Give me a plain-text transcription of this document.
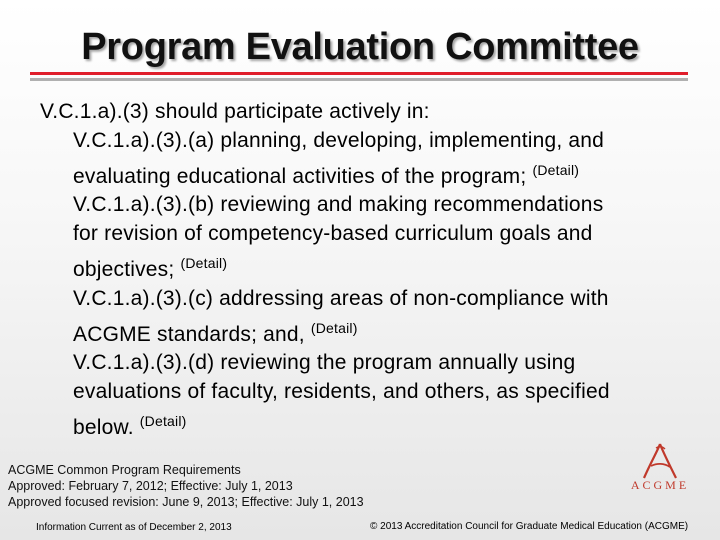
Program Evaluation Committee
V.C.1.a).(3) should participate actively in:
V.C.1.a).(3).(a) planning, developing, implementing, and
evaluating educational activities of the program; $^{(Detail)}$
V.C.1.a).(3).(b) reviewing and making recommendations
for revision of competency-based curriculum goals and
objectives; $^{(Detail)}$
V.C.1.a).(3).(c) addressing areas of non-compliance with
ACGME standards; and, $^{(Detail)}$
V.C.1.a).(3).(d) reviewing the program annually using
evaluations of faculty, residents, and others, as specified
below. $^{(Detail)}$
ACGME Common Program Requirements
Approved: February 7, 2012; Effective: July 1, 2013
Approved focused revision: June 9, 2013; Effective: July 1, 2013
ACGME
Information Current as of December 2, 2013	© 2013 Accreditation Council for Graduate Medical Education (ACGME)
